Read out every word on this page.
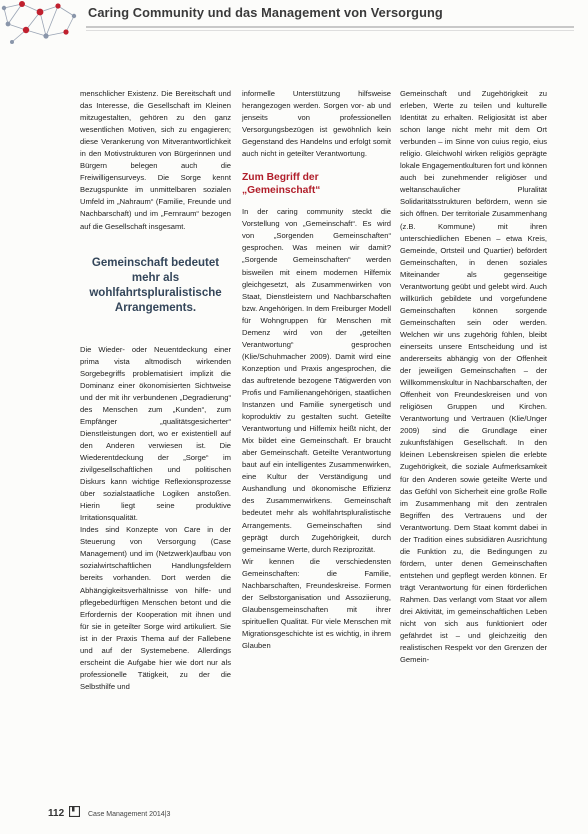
Caring Community und das Management von Versorgung

menschlicher Existenz. Die Bereitschaft und das Interesse, die Gesellschaft im Kleinen mitzugestalten, gehören zu den ganz wesentlichen Motiven, sich zu engagieren; diese Verankerung von Mitverantwortlichkeit in den Motivstrukturen von Bürgerinnen und Bürgern belegen auch die Freiwilligensurveys. Die Sorge kennt Bezugspunkte im unmittelbaren sozialen Umfeld im „Nahraum“ (Familie, Freunde und Nachbarschaft) und im „Fernraum“ bezogen auf die Gesellschaft insgesamt.

Gemeinschaft bedeutet mehr als wohlfahrtspluralistische Arrangements.

Die Wieder- oder Neuentdeckung einer prima vista altmodisch wirkenden Sorgebegriffs problematisiert implizit die Dominanz einer ökonomisierten Sichtweise und der mit ihr verbundenen „Degradierung“ des Menschen zum „Kunden“, zum Empfänger „qualitätsgesicherter“ Dienstleistungen dort, wo er existentiell auf den Anderen verwiesen ist. Die Wiederentdeckung der „Sorge“ im zivilgesellschaftlichen und politischen Diskurs kann wichtige Reflexionsprozesse über sozialstaatliche Logiken anstoßen. Hierin liegt seine produktive Irritationsqualität.

Indes sind Konzepte von Care in der Steuerung von Versorgung (Case Management) und im (Netzwerk)aufbau von sozialwirtschaftlichen Handlungsfeldern bereits vorhanden. Dort werden die Abhängigkeitsverhältnisse von hilfe- und pflegebedürftigen Menschen betont und die Erfordernis der Kooperation mit ihnen und für sie in geteilter Sorge wird artikuliert. Sie ist in der Praxis Thema auf der Fallebene und auf der Systemebene. Allerdings erscheint die Aufgabe hier wie dort nur als professionelle Tätigkeit, zu der die Selbsthilfe und

informelle Unterstützung hilfsweise herangezogen werden. Sorgen vor- ab und jenseits von professionellen Versorgungsbezügen ist gewöhnlich kein Gegenstand des Handelns und erfolgt somit auch nicht in geteilter Verantwortung.

Zum Begriff der „Gemeinschaft“

In der caring community steckt die Vorstellung von „Gemeinschaft“. Es wird von „Sorgenden Gemeinschaften“ gesprochen. Was meinen wir damit? „Sorgende Gemeinschaften“ werden bisweilen mit einem modernen Hilfemix gleichgesetzt, als Zusammenwirken von Staat, Dienstleistern und Nachbarschaften bzw. Angehörigen. In dem Freiburger Modell für Wohngruppen für Menschen mit Demenz wird von der „geteilten Verantwortung“ gesprochen (Klie/Schuhmacher 2009). Damit wird eine Konzeption und Praxis angesprochen, die das auftretende bezogene Tätigwerden von Profis und Familienangehörigen, staatlichen Instanzen und Familie synergetisch und koproduktiv zu gestalten sucht. Geteilte Verantwortung und Hilfemix heißt nicht, der Mix bildet eine Gemeinschaft. Er braucht aber Gemeinschaft. Geteilte Verantwortung baut auf ein intelligentes Zusammenwirken, eine Kultur der Verständigung und Aushandlung und ökonomische Effizienz des Zusammenwirkens. Gemeinschaft bedeutet mehr als wohlfahrtspluralistische Arrangements. Gemeinschaften sind geprägt durch Zugehörigkeit, durch gemeinsame Werte, durch Reziprozität.

Wir kennen die verschiedensten Gemeinschaften: die Familie, Nachbarschaften, Freundeskreise. Formen der Selbstorganisation und Assoziierung, Glaubensgemeinschaften mit ihrer spirituellen Qualität. Für viele Menschen mit Migrationsgeschichte ist es wichtig, in ihrem Glauben

Gemeinschaft und Zugehörigkeit zu erleben, Werte zu teilen und kulturelle Identität zu erhalten. Religiosität ist aber schon lange nicht mehr mit dem Ort verbunden – im Sinne von cuius regio, eius religio. Gleichwohl wirken religiös geprägte lokale Engagementkulturen fort und können auch bei zunehmender religiöser und weltanschaulicher Pluralität Solidaritätsstrukturen befördern, wenn sie sich öffnen. Der territoriale Zusammenhang (z.B. Kommune) mit ihren unterschiedlichen Ebenen – etwa Kreis, Gemeinde, Ortsteil und Quartier) befördert Gemeinschaften, in denen soziales Miteinander als gegenseitige Verantwortung geübt und gelebt wird. Auch willkürlich gebildete und vorgefundene Gemeinschaften können sorgende Gemeinschaften sein oder werden. Welchen wir uns zugehörig fühlen, bleibt einerseits unsere Entscheidung und ist andererseits abhängig von der Offenheit der jeweiligen Gemeinschaften – der Willkommenskultur in Nachbarschaften, der Offenheit von Freundeskreisen und von religiösen Gruppen und Kirchen. Verantwortung und Vertrauen (Klie/Unger 2009) sind die Grundlage einer zukunftsfähigen Gesellschaft. In den kleinen Lebenskreisen spielen die erlebte Zugehörigkeit, die soziale Aufmerksamkeit für den Anderen sowie geteilte Werte und das Gefühl von Sicherheit eine große Rolle im Zusammenhang mit den zentralen Begriffen des Vertrauens und der Verantwortung. Dem Staat kommt dabei in der Tradition eines subsidiären Ausrichtung die Funktion zu, die Bedingungen zu fördern, unter denen Gemeinschaften entstehen und gepflegt werden können. Er trägt Verantwortung für einen förderlichen Rahmen. Das verlangt vom Staat vor allem drei Aktivität, im gemeinschaftlichen Leben nicht von sich aus funktioniert oder gefährdet ist – und gleichzeitig den realistischen Respekt vor den Grenzen der Gemein-

112	Case Management 2014|3
